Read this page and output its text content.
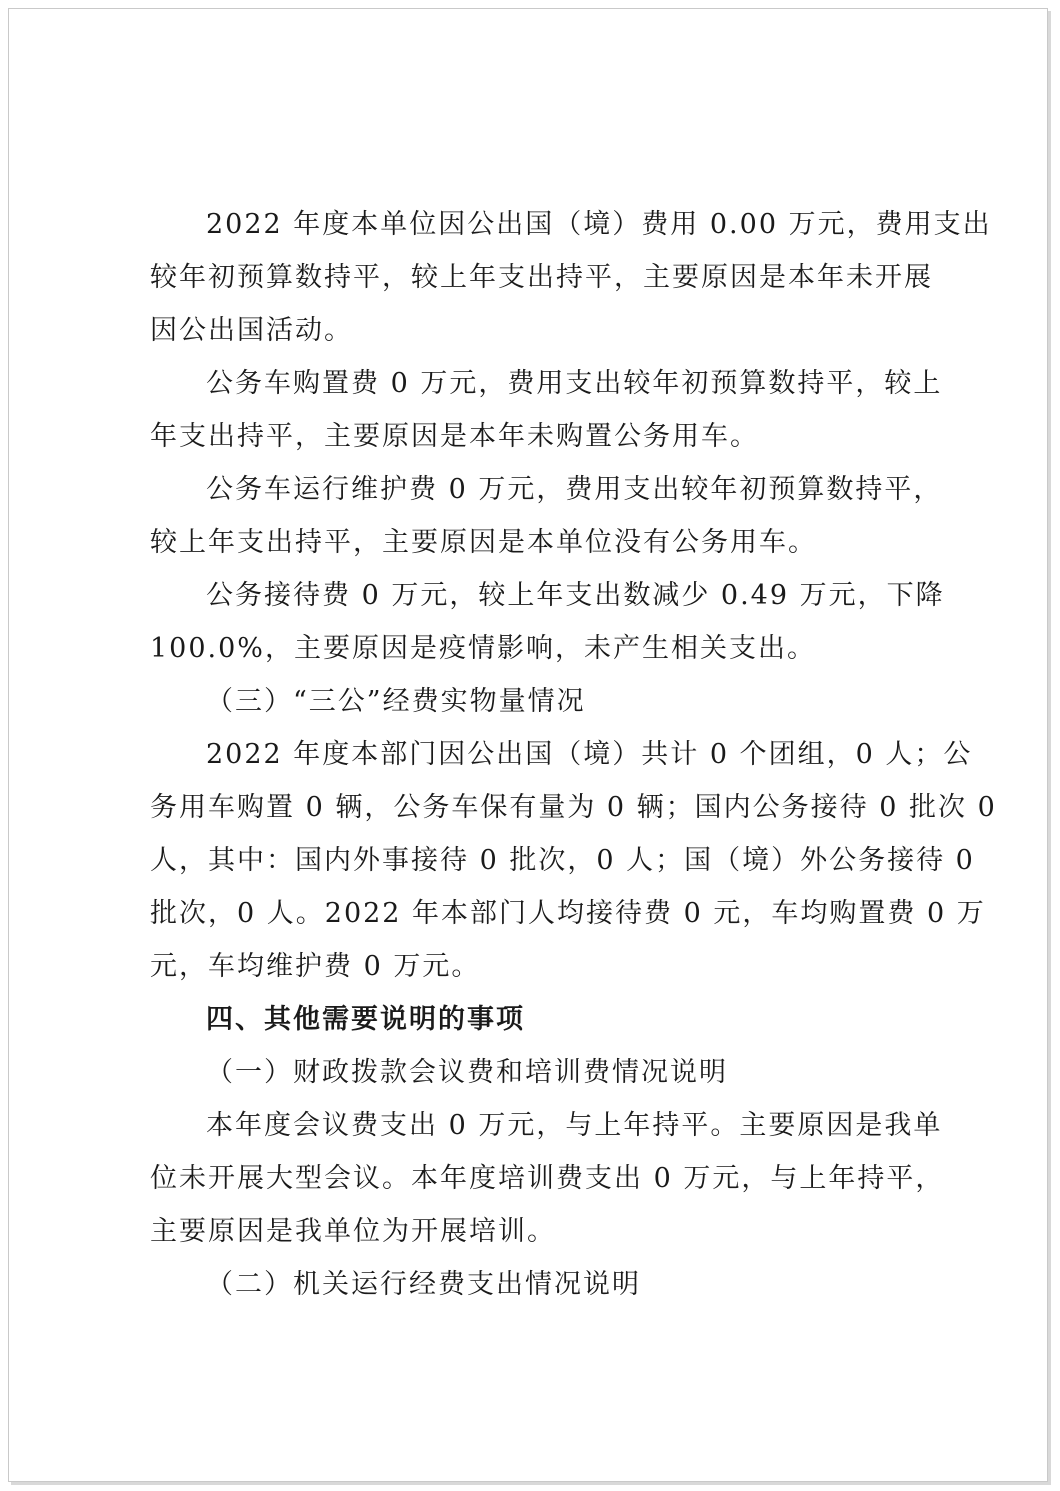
2022 年度本单位因公出国（境）费用 0.00 万元，费用支出
较年初预算数持平，较上年支出持平，主要原因是本年未开展
因公出国活动。
公务车购置费 0 万元，费用支出较年初预算数持平，较上
年支出持平，主要原因是本年未购置公务用车。
公务车运行维护费 0 万元，费用支出较年初预算数持平，
较上年支出持平，主要原因是本单位没有公务用车。
公务接待费 0 万元，较上年支出数减少 0.49 万元，下降
100.0%，主要原因是疫情影响，未产生相关支出。
（三）“三公”经费实物量情况
2022 年度本部门因公出国（境）共计 0 个团组，0 人；公
务用车购置 0 辆，公务车保有量为 0 辆；国内公务接待 0 批次 0
人，其中：国内外事接待 0 批次，0 人；国（境）外公务接待 0
批次，0 人。2022 年本部门人均接待费 0 元，车均购置费 0 万
元，车均维护费 0 万元。
四、其他需要说明的事项
（一）财政拨款会议费和培训费情况说明
本年度会议费支出 0 万元，与上年持平。主要原因是我单
位未开展大型会议。本年度培训费支出 0 万元，与上年持平，
主要原因是我单位为开展培训。
（二）机关运行经费支出情况说明
